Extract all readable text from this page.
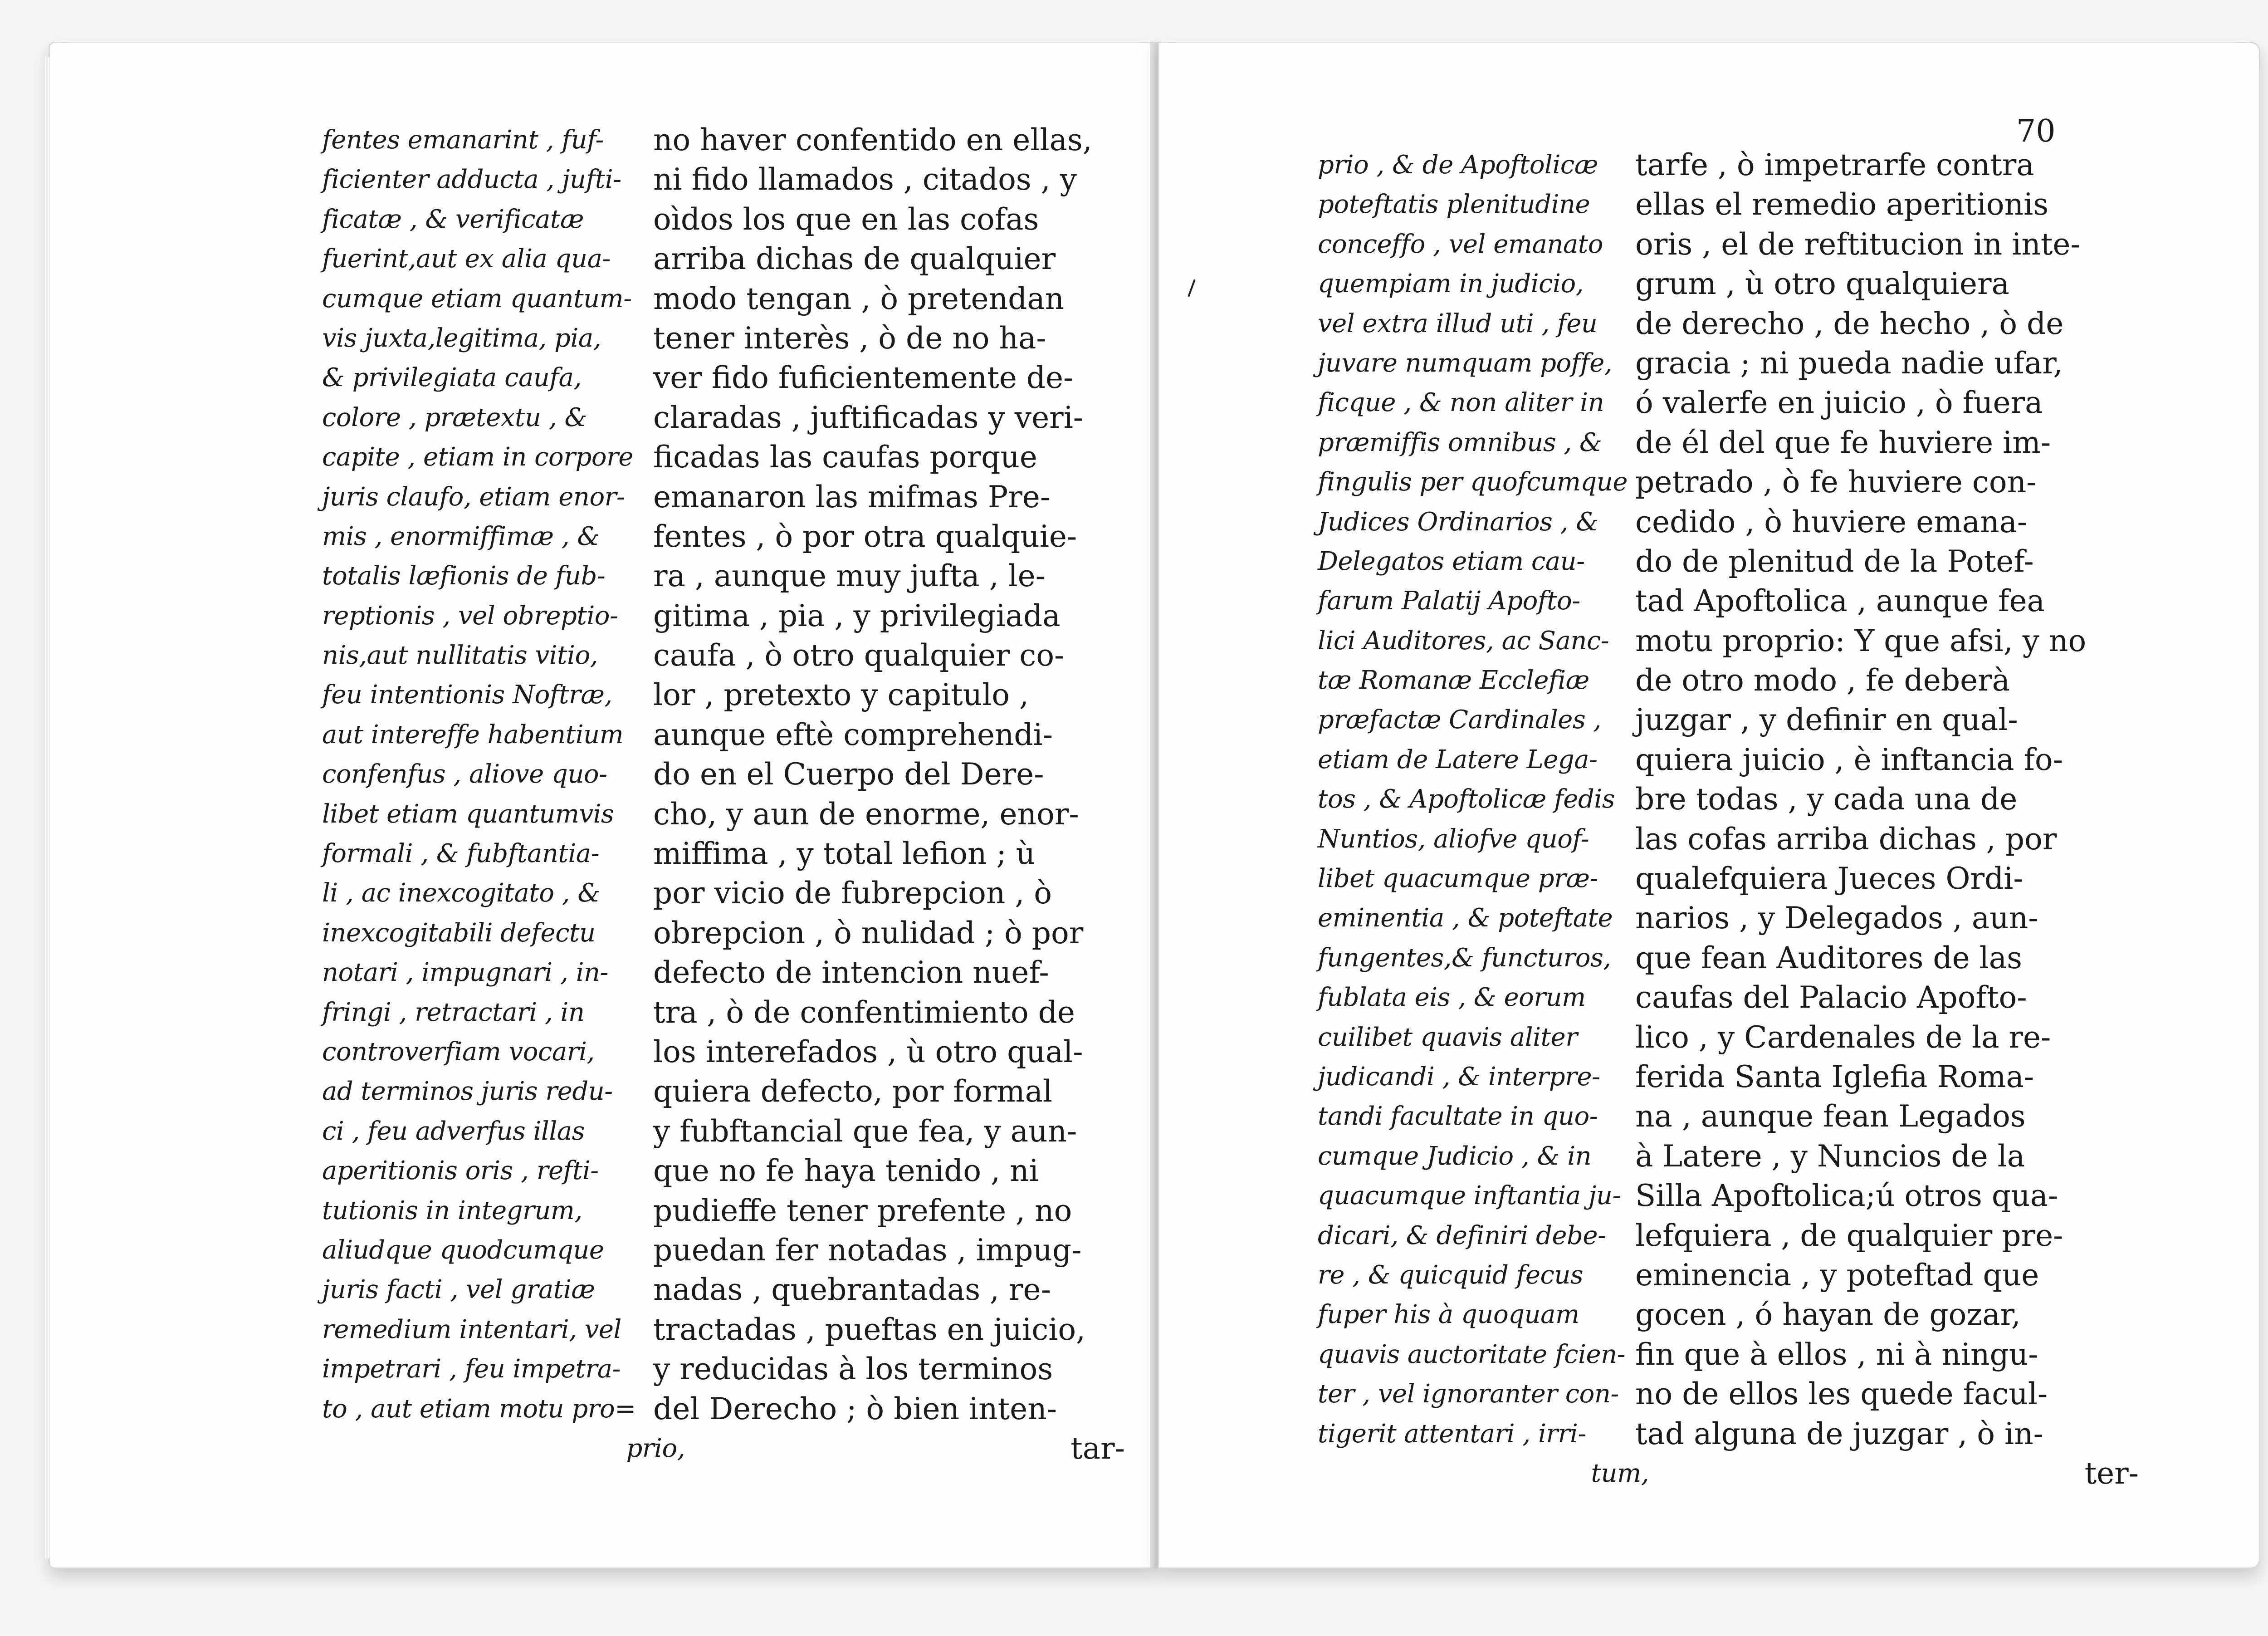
fentes emanarint , fuf-
ficienter adducta , jufti-
ficatæ , & verificatæ
fuerint,aut ex alia qua-
cumque etiam quantum-
vis juxta,legitima, pia,
& privilegiata caufa,
colore , prætextu , &
capite , etiam in corpore
juris claufo, etiam enor-
mis , enormiffimæ , &
totalis læfionis de fub-
reptionis , vel obreptio-
nis,aut nullitatis vitio,
feu intentionis Noftræ,
aut intereffe habentium
confenfus , aliove quo-
libet etiam quantumvis
formali , & fubftantia-
li , ac inexcogitato , &
inexcogitabili defectu
notari , impugnari , in-
fringi , retractari , in
controverfiam vocari,
ad terminos juris redu-
ci , feu adverfus illas
aperitionis oris , refti-
tutionis in integrum,
aliudque quodcumque
juris facti , vel gratiæ
remedium intentari, vel
impetrari , feu impetra-
to , aut etiam motu pro=
prio,
no haver confentido en ellas,
ni fido llamados , citados , y
oìdos los que en las cofas
arriba dichas de qualquier
modo tengan , ò pretendan
tener interès , ò de no ha-
ver fido fuficientemente de-
claradas , juftificadas y veri-
ficadas las caufas porque
emanaron las mifmas Pre-
fentes , ò por otra qualquie-
ra , aunque muy jufta , le-
gitima , pia , y privilegiada
caufa , ò otro qualquier co-
lor , pretexto y capitulo ,
aunque eftè comprehendi-
do en el Cuerpo del Dere-
cho, y aun de enorme, enor-
miffima , y total lefion ; ù
por vicio de fubrepcion , ò
obrepcion , ò nulidad ; ò por
defecto de intencion nuef-
tra , ò de confentimiento de
los interefados , ù otro qual-
quiera defecto, por formal
y fubftancial que fea, y aun-
que no fe haya tenido , ni
pudieffe tener prefente , no
puedan fer notadas , impug-
nadas , quebrantadas , re-
tractadas , pueftas en juicio,
y reducidas à los terminos
del Derecho ; ò bien inten-
tar-
70
prio , & de Apoftolicæ
poteftatis plenitudine
conceffo , vel emanato
quempiam in judicio,
vel extra illud uti , feu
juvare numquam poffe,
ficque , & non aliter in
præmiffis omnibus , &
fingulis per quofcumque
Judices Ordinarios , &
Delegatos etiam cau-
farum Palatij Apofto-
lici Auditores, ac Sanc-
tæ Romanæ Ecclefiæ
præfactæ Cardinales ,
etiam de Latere Lega-
tos , & Apoftolicæ fedis
Nuntios, aliofve quof-
libet quacumque præ-
eminentia , & poteftate
fungentes,& functuros,
fublata eis , & eorum
cuilibet quavis aliter
judicandi , & interpre-
tandi facultate in quo-
cumque Judicio , & in
quacumque inftantia ju-
dicari, & definiri debe-
re , & quicquid fecus
fuper his à quoquam
quavis auctoritate fcien-
ter , vel ignoranter con-
tigerit attentari , irri-
tum,
tarfe , ò impetrarfe contra
ellas el remedio aperitionis
oris , el de reftitucion in inte-
grum , ù otro qualquiera
de derecho , de hecho , ò de
gracia ; ni pueda nadie ufar,
ó valerfe en juicio , ò fuera
de él del que fe huviere im-
petrado , ò fe huviere con-
cedido , ò huviere emana-
do de plenitud de la Potef-
tad Apoftolica , aunque fea
motu proprio: Y que afsi, y no
de otro modo , fe deberà
juzgar , y definir en qual-
quiera juicio , è inftancia fo-
bre todas , y cada una de
las cofas arriba dichas , por
qualefquiera Jueces Ordi-
narios , y Delegados , aun-
que fean Auditores de las
caufas del Palacio Apofto-
lico , y Cardenales de la re-
ferida Santa Iglefia Roma-
na , aunque fean Legados
à Latere , y Nuncios de la
Silla Apoftolica;ú otros qua-
lefquiera , de qualquier pre-
eminencia , y poteftad que
gocen , ó hayan de gozar,
fin que à ellos , ni à ningu-
no de ellos les quede facul-
tad alguna de juzgar , ò in-
ter-
